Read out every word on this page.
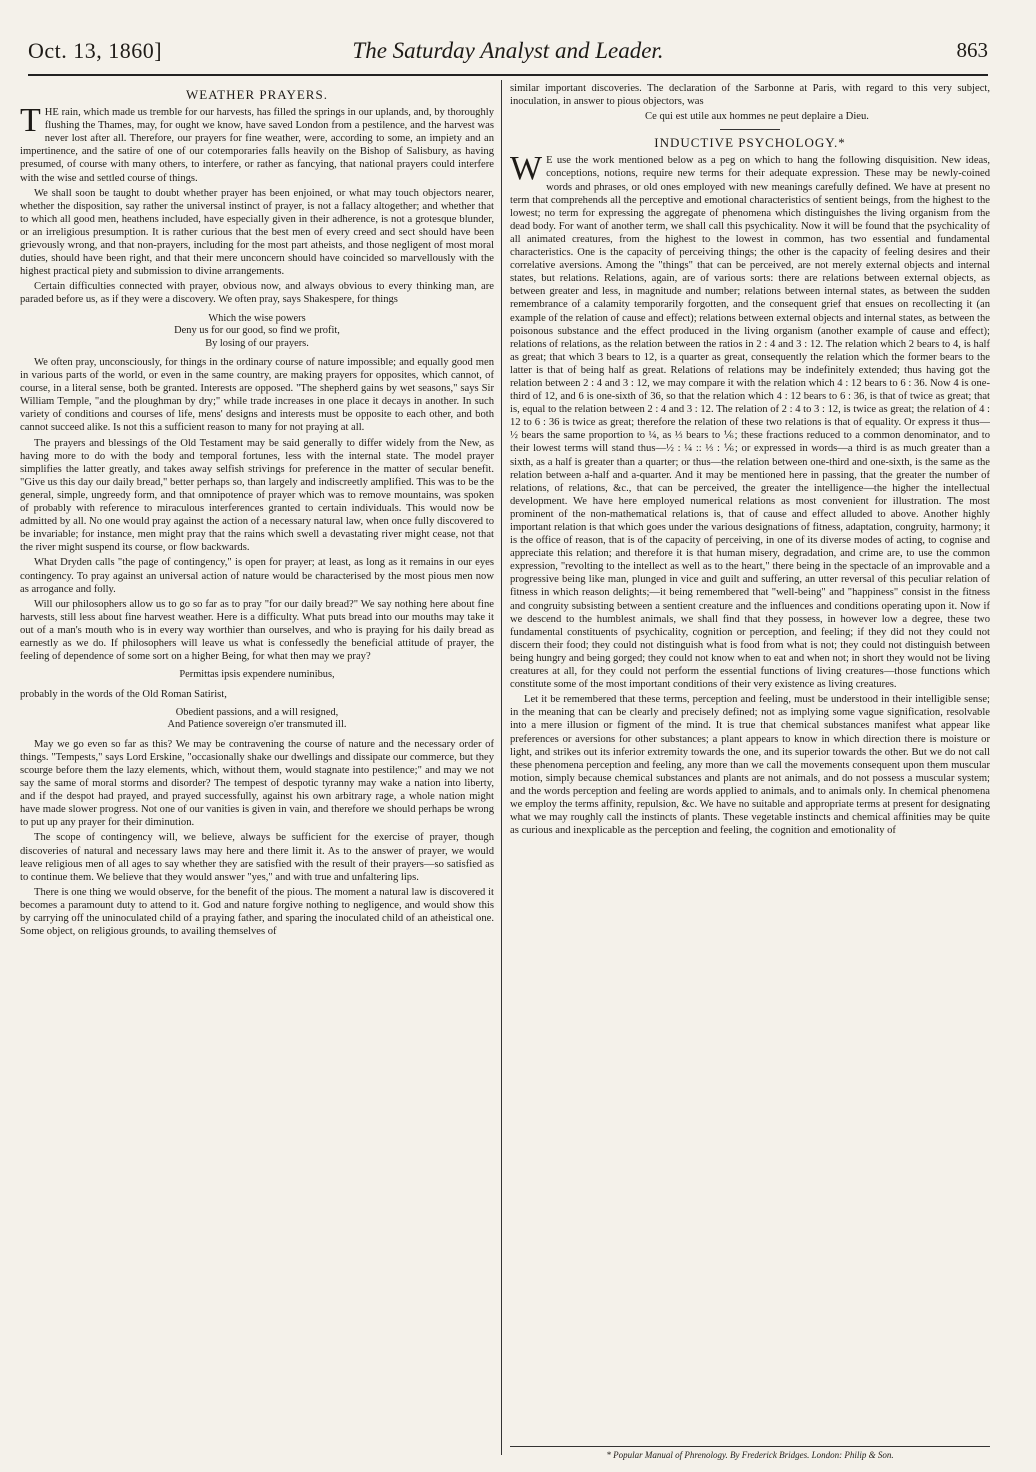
Oct. 13, 1860]	The Saturday Analyst and Leader.	863
WEATHER PRAYERS.

THE rain, which made us tremble for our harvests, has filled the springs in our uplands, and, by thoroughly flushing the Thames, may, for ought we know, have saved London from a pestilence, and the harvest was never lost after all. Therefore, our prayers for fine weather, were, according to some, an impiety and an impertinence, and the satire of one of our cotemporaries falls heavily on the Bishop of Salisbury, as having presumed, of course with many others, to interfere, or rather as fancying, that national prayers could interfere with the wise and settled course of things.

We shall soon be taught to doubt whether prayer has been enjoined, or what may touch objectors nearer, whether the disposition, say rather the universal instinct of prayer, is not a fallacy altogether; and whether that to which all good men, heathens included, have especially given in their adherence, is not a grotesque blunder, or an irreligious presumption. It is rather curious that the best men of every creed and sect should have been grievously wrong, and that non-prayers, including for the most part atheists, and those negligent of most moral duties, should have been right, and that their mere unconcern should have coincided so marvellously with the highest practical piety and submission to divine arrangements.

Certain difficulties connected with prayer, obvious now, and always obvious to every thinking man, are paraded before us, as if they were a discovery. We often pray, says Shakespere, for things

Which the wise powers
Deny us for our good, so find we profit,
By losing of our prayers.

We often pray, unconsciously, for things in the ordinary course of nature impossible; and equally good men in various parts of the world, or even in the same country, are making prayers for opposites, which cannot, of course, in a literal sense, both be granted. Interests are opposed. "The shepherd gains by wet seasons," says Sir William Temple, "and the ploughman by dry;" while trade increases in one place it decays in another. In such variety of conditions and courses of life, mens' designs and interests must be opposite to each other, and both cannot succeed alike. Is not this a sufficient reason to many for not praying at all.

The prayers and blessings of the Old Testament may be said generally to differ widely from the New, as having more to do with the body and temporal fortunes, less with the internal state. The model prayer simplifies the latter greatly, and takes away selfish strivings for preference in the matter of secular benefit. "Give us this day our daily bread," better perhaps so, than largely and indiscreetly amplified. This was to be the general, simple, ungreedy form, and that omnipotence of prayer which was to remove mountains, was spoken of probably with reference to miraculous interferences granted to certain individuals. This would now be admitted by all. No one would pray against the action of a necessary natural law, when once fully discovered to be invariable; for instance, men might pray that the rains which swell a devastating river might cease, not that the river might suspend its course, or flow backwards.

What Dryden calls "the page of contingency," is open for prayer; at least, as long as it remains in our eyes contingency. To pray against an universal action of nature would be characterised by the most pious men now as arrogance and folly.

Will our philosophers allow us to go so far as to pray "for our daily bread?" We say nothing here about fine harvests, still less about fine harvest weather. Here is a difficulty. What puts bread into our mouths may take it out of a man's mouth who is in every way worthier than ourselves, and who is praying for his daily bread as earnestly as we do. If philosophers will leave us what is confessedly the beneficial attitude of prayer, the feeling of dependence of some sort on a higher Being, for what then may we pray?

Permittas ipsis expendere numinibus,

probably in the words of the Old Roman Satirist,

Obedient passions, and a will resigned,
And Patience sovereign o'er transmuted ill.

May we go even so far as this? We may be contravening the course of nature and the necessary order of things. "Tempests," says Lord Erskine, "occasionally shake our dwellings and dissipate our commerce, but they scourge before them the lazy elements, which, without them, would stagnate into pestilence;" and may we not say the same of moral storms and disorder? The tempest of despotic tyranny may wake a nation into liberty, and if the despot had prayed, and prayed successfully, against his own arbitrary rage, a whole nation might have made slower progress. Not one of our vanities is given in vain, and therefore we should perhaps be wrong to put up any prayer for their diminution.

The scope of contingency will, we believe, always be sufficient for the exercise of prayer, though discoveries of natural and necessary laws may here and there limit it. As to the answer of prayer, we would leave religious men of all ages to say whether they are satisfied with the result of their prayers—so satisfied as to continue them. We believe that they would answer "yes," and with true and unfaltering lips.

There is one thing we would observe, for the benefit of the pious. The moment a natural law is discovered it becomes a paramount duty to attend to it. God and nature forgive nothing to negligence, and would show this by carrying off the uninoculated child of a praying father, and sparing the inoculated child of an atheistical one. Some object, on religious grounds, to availing themselves of

similar important discoveries. The declaration of the Sarbonne at Paris, with regard to this very subject, inoculation, in answer to pious objectors, was

Ce qui est utile aux hommes ne peut deplaire a Dieu.

INDUCTIVE PSYCHOLOGY.*

W E use the work mentioned below as a peg on which to hang the following disquisition. New ideas, conceptions, notions, require new terms for their adequate expression. These may be newly-coined words and phrases, or old ones employed with new meanings carefully defined. We have at present no term that comprehends all the perceptive and emotional characteristics of sentient beings, from the highest to the lowest; no term for expressing the aggregate of phenomena which distinguishes the living organism from the dead body. For want of another term, we shall call this psychicality. Now it will be found that the psychicality of all animated creatures, from the highest to the lowest in common, has two essential and fundamental characteristics. One is the capacity of perceiving things; the other is the capacity of feeling desires and their correlative aversions. Among the "things" that can be perceived, are not merely external objects and internal states, but relations. Relations, again, are of various sorts: there are relations between external objects, as between greater and less, in magnitude and number; relations between internal states, as between the sudden remembrance of a calamity temporarily forgotten, and the consequent grief that ensues on recollecting it (an example of the relation of cause and effect); relations between external objects and internal states, as between the poisonous substance and the effect produced in the living organism (another example of cause and effect); relations of relations, as the relation between the ratios in 2 : 4 and 3 : 12. The relation which 2 bears to 4, is half as great; that which 3 bears to 12, is a quarter as great, consequently the relation which the former bears to the latter is that of being half as great. Relations of relations may be indefinitely extended; thus having got the relation between 2 : 4 and 3 : 12, we may compare it with the relation which 4 : 12 bears to 6 : 36. Now 4 is one-third of 12, and 6 is one-sixth of 36, so that the relation which 4 : 12 bears to 6 : 36, is that of twice as great; that is, equal to the relation between 2 : 4 and 3 : 12. The relation of 2 : 4 to 3 : 12, is twice as great; the relation of 4 : 12 to 6 : 36 is twice as great; therefore the relation of these two relations is that of equality. Or express it thus—½ bears the same proportion to ¼, as ⅓ bears to ⅙; these fractions reduced to a common denominator, and to their lowest terms will stand thus—½ : ¼ :: ⅓ : ⅙; or expressed in words—a third is as much greater than a sixth, as a half is greater than a quarter; or thus—the relation between one-third and one-sixth, is the same as the relation between a-half and a-quarter. And it may be mentioned here in passing, that the greater the number of relations, of relations, &c., that can be perceived, the greater the intelligence—the higher the intellectual development. We have here employed numerical relations as most convenient for illustration. The most prominent of the non-mathematical relations is, that of cause and effect alluded to above. Another highly important relation is that which goes under the various designations of fitness, adaptation, congruity, harmony; it is the office of reason, that is of the capacity of perceiving, in one of its diverse modes of acting, to cognise and appreciate this relation; and therefore it is that human misery, degradation, and crime are, to use the common expression, "revolting to the intellect as well as to the heart," there being in the spectacle of an improvable and a progressive being like man, plunged in vice and guilt and suffering, an utter reversal of this peculiar relation of fitness in which reason delights;—it being remembered that "well-being" and "happiness" consist in the fitness and congruity subsisting between a sentient creature and the influences and conditions operating upon it. Now if we descend to the humblest animals, we shall find that they possess, in however low a degree, these two fundamental constituents of psychicality, cognition or perception, and feeling; if they did not they could not discern their food; they could not distinguish what is food from what is not; they could not distinguish between being hungry and being gorged; they could not know when to eat and when not; in short they would not be living creatures at all, for they could not perform the essential functions of living creatures—those functions which constitute some of the most important conditions of their very existence as living creatures.

Let it be remembered that these terms, perception and feeling, must be understood in their intelligible sense; in the meaning that can be clearly and precisely defined; not as implying some vague signification, resolvable into a mere illusion or figment of the mind. It is true that chemical substances manifest what appear like preferences or aversions for other substances; a plant appears to know in which direction there is moisture or light, and strikes out its inferior extremity towards the one, and its superior towards the other. But we do not call these phenomena perception and feeling, any more than we call the movements consequent upon them muscular motion, simply because chemical substances and plants are not animals, and do not possess a muscular system; and the words perception and feeling are words applied to animals, and to animals only. In chemical phenomena we employ the terms affinity, repulsion, &c. We have no suitable and appropriate terms at present for designating what we may roughly call the instincts of plants. These vegetable instincts and chemical affinities may be quite as curious and inexplicable as the perception and feeling, the cognition and emotionality of

* Popular Manual of Phrenology. By Frederick Bridges. London: Philip & Son.
